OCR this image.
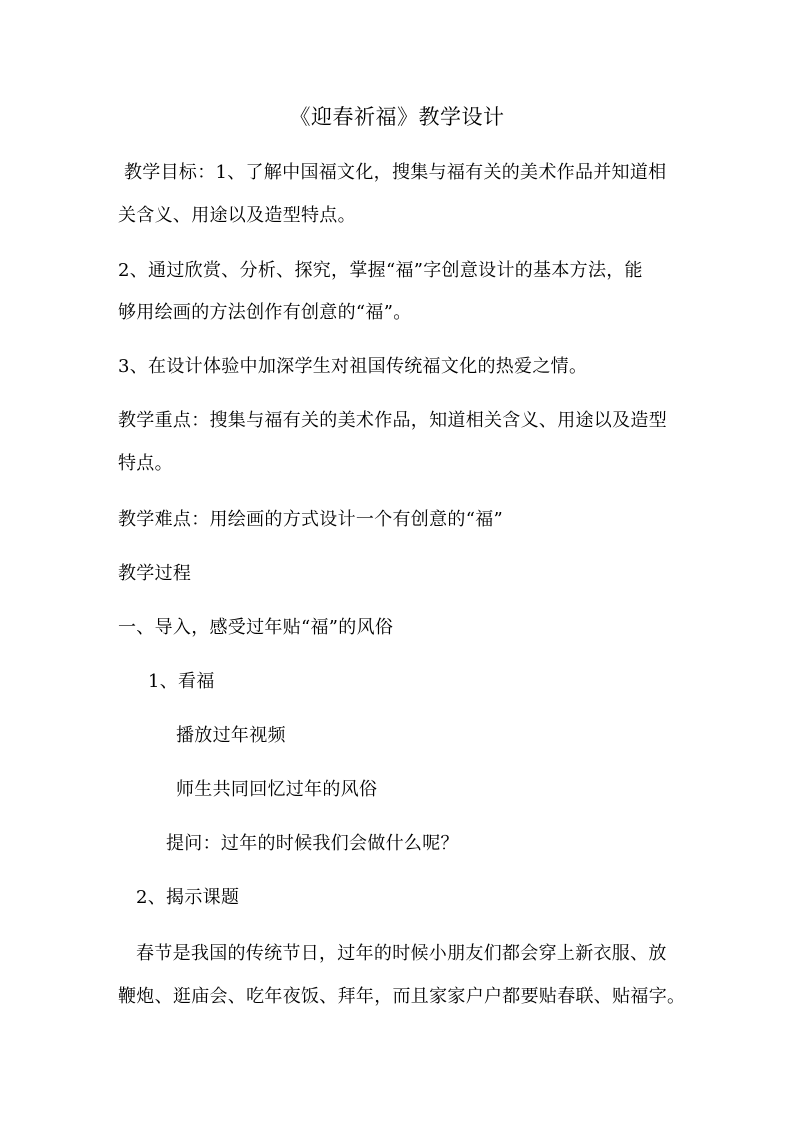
《迎春祈福》教学设计
教学目标：1、了解中国福文化，搜集与福有关的美术作品并知道相
关含义、用途以及造型特点。
2、通过欣赏、分析、探究，掌握“福”字创意设计的基本方法，能
够用绘画的方法创作有创意的“福”。
3、在设计体验中加深学生对祖国传统福文化的热爱之情。
教学重点：搜集与福有关的美术作品，知道相关含义、用途以及造型
特点。
教学难点：用绘画的方式设计一个有创意的“福”
教学过程
一、导入，感受过年贴“福”的风俗
1、看福
播放过年视频
师生共同回忆过年的风俗
提问：过年的时候我们会做什么呢？
2、揭示课题
春节是我国的传统节日，过年的时候小朋友们都会穿上新衣服、放
鞭炮、逛庙会、吃年夜饭、拜年，而且家家户户都要贴春联、贴福字。
